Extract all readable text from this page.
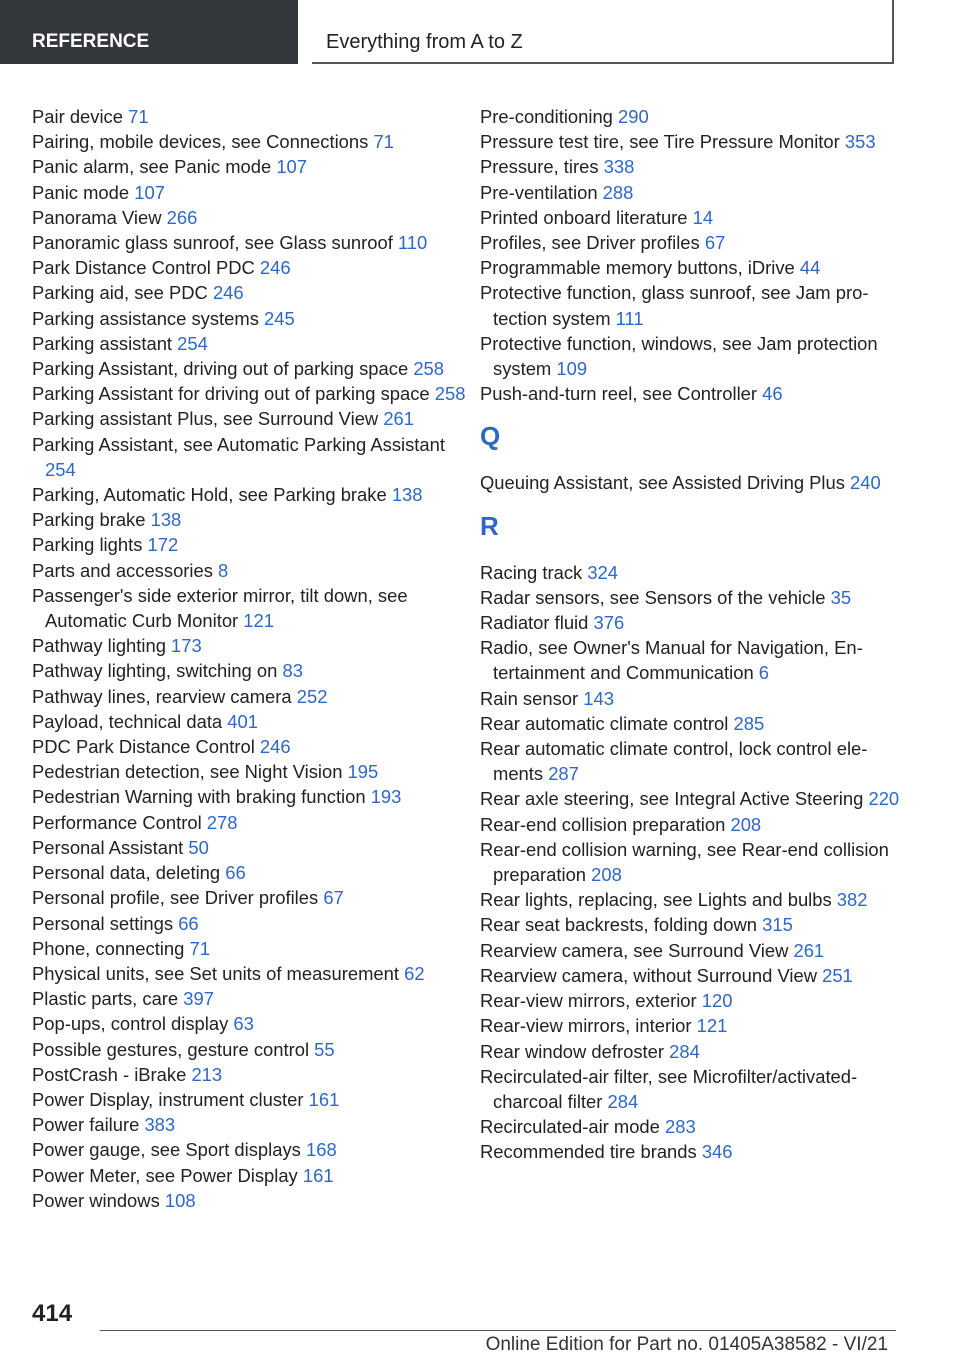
REFERENCE	Everything from A to Z
Pair device 71
Pairing, mobile devices, see Connections 71
Panic alarm, see Panic mode 107
Panic mode 107
Panorama View 266
Panoramic glass sunroof, see Glass sunroof 110
Park Distance Control PDC 246
Parking aid, see PDC 246
Parking assistance systems 245
Parking assistant 254
Parking Assistant, driving out of parking space 258
Parking Assistant for driving out of parking space 258
Parking assistant Plus, see Surround View 261
Parking Assistant, see Automatic Parking Assistant 254
Parking, Automatic Hold, see Parking brake 138
Parking brake 138
Parking lights 172
Parts and accessories 8
Passenger's side exterior mirror, tilt down, see Automatic Curb Monitor 121
Pathway lighting 173
Pathway lighting, switching on 83
Pathway lines, rearview camera 252
Payload, technical data 401
PDC Park Distance Control 246
Pedestrian detection, see Night Vision 195
Pedestrian Warning with braking function 193
Performance Control 278
Personal Assistant 50
Personal data, deleting 66
Personal profile, see Driver profiles 67
Personal settings 66
Phone, connecting 71
Physical units, see Set units of measurement 62
Plastic parts, care 397
Pop-ups, control display 63
Possible gestures, gesture control 55
PostCrash - iBrake 213
Power Display, instrument cluster 161
Power failure 383
Power gauge, see Sport displays 168
Power Meter, see Power Display 161
Power windows 108
Pre-conditioning 290
Pressure test tire, see Tire Pressure Monitor 353
Pressure, tires 338
Pre-ventilation 288
Printed onboard literature 14
Profiles, see Driver profiles 67
Programmable memory buttons, iDrive 44
Protective function, glass sunroof, see Jam protection system 111
Protective function, windows, see Jam protection system 109
Push-and-turn reel, see Controller 46
Q
Queuing Assistant, see Assisted Driving Plus 240
R
Racing track 324
Radar sensors, see Sensors of the vehicle 35
Radiator fluid 376
Radio, see Owner's Manual for Navigation, Entertainment and Communication 6
Rain sensor 143
Rear automatic climate control 285
Rear automatic climate control, lock control elements 287
Rear axle steering, see Integral Active Steering 220
Rear-end collision preparation 208
Rear-end collision warning, see Rear-end collision preparation 208
Rear lights, replacing, see Lights and bulbs 382
Rear seat backrests, folding down 315
Rearview camera, see Surround View 261
Rearview camera, without Surround View 251
Rear-view mirrors, exterior 120
Rear-view mirrors, interior 121
Rear window defroster 284
Recirculated-air filter, see Microfilter/activated-charcoal filter 284
Recirculated-air mode 283
Recommended tire brands 346
414
Online Edition for Part no. 01405A38582 - VI/21
